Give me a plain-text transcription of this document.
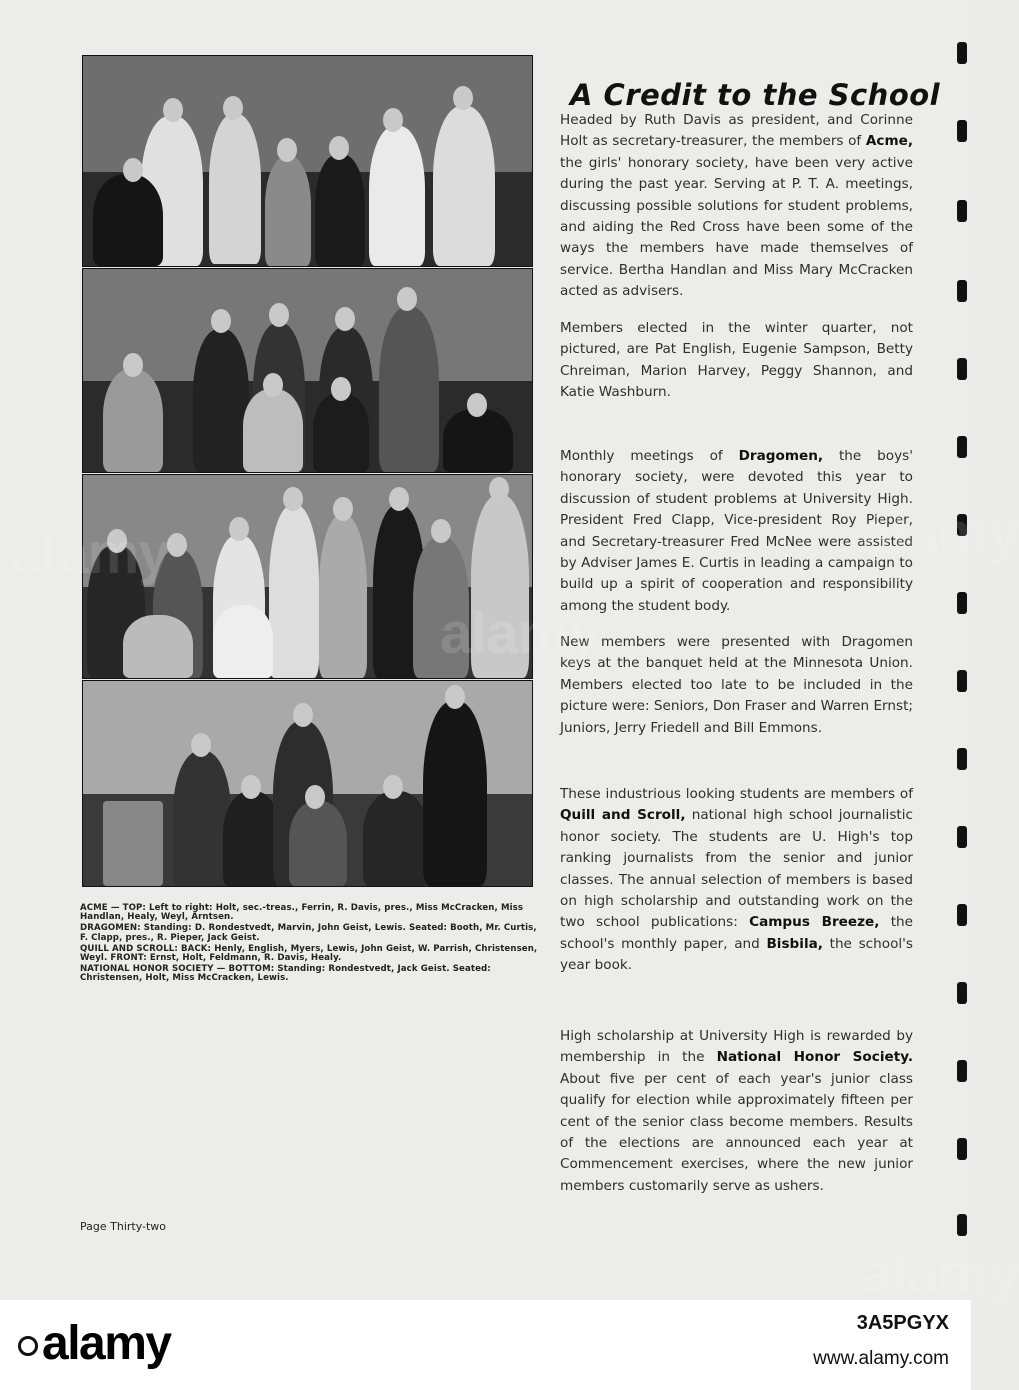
ACME — TOP: Left to right: Holt, sec.-treas., Ferrin, R. Davis, pres., Miss McCracken, Miss Handlan, Healy, Weyl, Arntsen.

DRAGOMEN: Standing: D. Rondestvedt, Marvin, John Geist, Lewis. Seated: Booth, Mr. Curtis, F. Clapp, pres., R. Pieper, Jack Geist.

QUILL AND SCROLL: BACK: Henly, English, Myers, Lewis, John Geist, W. Parrish, Christensen, Weyl. FRONT: Ernst, Holt, Feldmann, R. Davis, Healy.

NATIONAL HONOR SOCIETY — BOTTOM: Standing: Rondestvedt, Jack Geist. Seated: Christensen, Holt, Miss McCracken, Lewis.

Page Thirty-two
A Credit to the School

Headed by Ruth Davis as president, and Corinne Holt as secretary-treasurer, the members of Acme, the girls' honorary society, have been very active during the past year. Serving at P. T. A. meetings, discussing possible solutions for student problems, and aiding the Red Cross have been some of the ways the members have made themselves of service. Bertha Handlan and Miss Mary McCracken acted as advisers.

Members elected in the winter quarter, not pictured, are Pat English, Eugenie Sampson, Betty Chreiman, Marion Harvey, Peggy Shannon, and Katie Washburn.

Monthly meetings of Dragomen, the boys' honorary society, were devoted this year to discussion of student problems at University High. President Fred Clapp, Vice-president Roy Pieper, and Secretary-treasurer Fred McNee were assisted by Adviser James E. Curtis in leading a campaign to build up a spirit of cooperation and responsibility among the student body.

New members were presented with Dragomen keys at the banquet held at the Minnesota Union. Members elected too late to be included in the picture were: Seniors, Don Fraser and Warren Ernst; Juniors, Jerry Friedell and Bill Emmons.

These industrious looking students are members of Quill and Scroll, national high school journalistic honor society. The students are U. High's top ranking journalists from the senior and junior classes. The annual selection of members is based on high scholarship and outstanding work on the two school publications: Campus Breeze, the school's monthly paper, and Bisbila, the school's year book.

High scholarship at University High is rewarded by membership in the National Honor Society. About five per cent of each year's junior class qualify for election while approximately fifteen per cent of the senior class become members. Results of the elections are announced each year at Commencement exercises, where the new junior members customarily serve as ushers.

alamy
alamy
alamy	3A5PGYX
www.alamy.com
